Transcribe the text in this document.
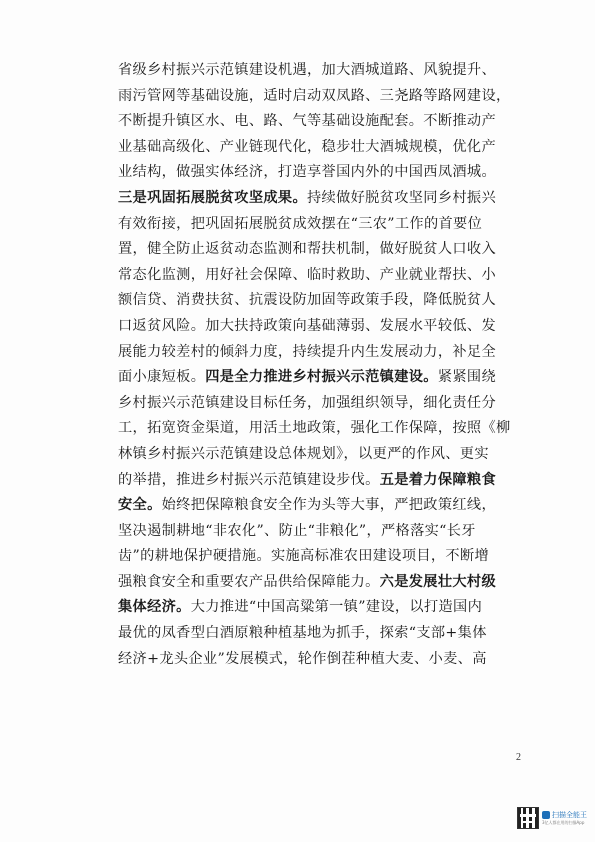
省级乡村振兴示范镇建设机遇，加大酒城道路、风貌提升、
雨污管网等基础设施，适时启动双凤路、三尧路等路网建设，
不断提升镇区水、电、路、气等基础设施配套。不断推动产
业基础高级化、产业链现代化，稳步壮大酒城规模，优化产
业结构，做强实体经济，打造享誉国内外的中国西凤酒城。
三是巩固拓展脱贫攻坚成果。持续做好脱贫攻坚同乡村振兴
有效衔接，把巩固拓展脱贫成效摆在“三农”工作的首要位
置，健全防止返贫动态监测和帮扶机制，做好脱贫人口收入
常态化监测，用好社会保障、临时救助、产业就业帮扶、小
额信贷、消费扶贫、抗震设防加固等政策手段，降低脱贫人
口返贫风险。加大扶持政策向基础薄弱、发展水平较低、发
展能力较差村的倾斜力度，持续提升内生发展动力，补足全
面小康短板。四是全力推进乡村振兴示范镇建设。紧紧围绕
乡村振兴示范镇建设目标任务，加强组织领导，细化责任分
工，拓宽资金渠道，用活土地政策，强化工作保障，按照《柳
林镇乡村振兴示范镇建设总体规划》，以更严的作风、更实
的举措，推进乡村振兴示范镇建设步伐。五是着力保障粮食
安全。始终把保障粮食安全作为头等大事，严把政策红线，
坚决遏制耕地“非农化”、防止“非粮化”，严格落实“长牙
齿”的耕地保护硬措施。实施高标准农田建设项目，不断增
强粮食安全和重要农产品供给保障能力。六是发展壮大村级
集体经济。大力推进“中国高粱第一镇”建设，以打造国内
最优的凤香型白酒原粮种植基地为抓手，探索“支部+集体
经济+龙头企业”发展模式，轮作倒茬种植大麦、小麦、高
2
扫描全能王
3亿人都在用的扫描App
